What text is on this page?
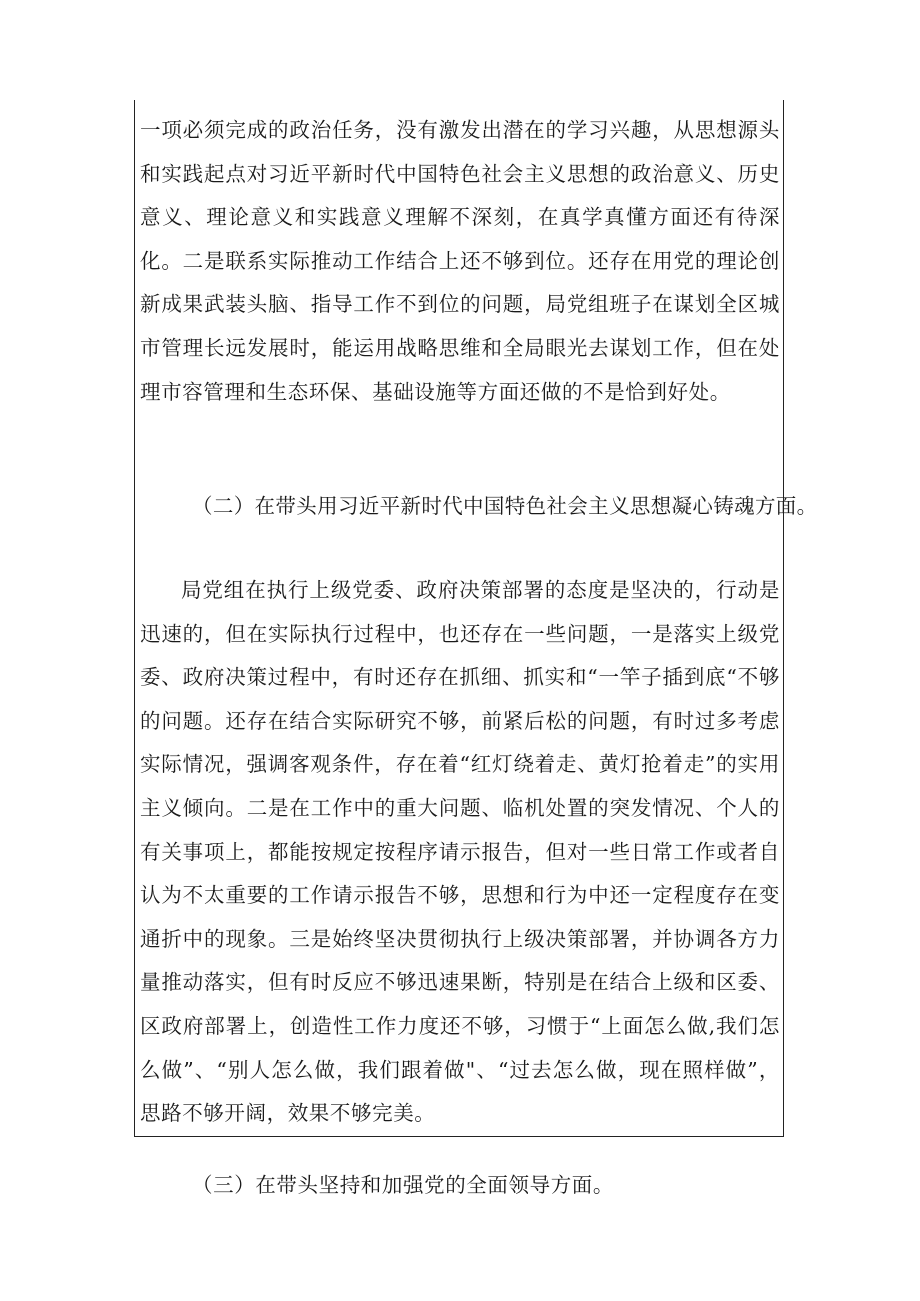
一项必须完成的政治任务，没有激发出潜在的学习兴趣，从思想源头和实践起点对习近平新时代中国特色社会主义思想的政治意义、历史意义、理论意义和实践意义理解不深刻，在真学真懂方面还有待深化。二是联系实际推动工作结合上还不够到位。还存在用党的理论创新成果武装头脑、指导工作不到位的问题，局党组班子在谋划全区城市管理长远发展时，能运用战略思维和全局眼光去谋划工作，但在处理市容管理和生态环保、基础设施等方面还做的不是恰到好处。

（二）在带头用习近平新时代中国特色社会主义思想凝心铸魂方面。

局党组在执行上级党委、政府决策部署的态度是坚决的，行动是迅速的，但在实际执行过程中，也还存在一些问题，一是落实上级党委、政府决策过程中，有时还存在抓细、抓实和“一竿子插到底“不够的问题。还存在结合实际研究不够，前紧后松的问题，有时过多考虑实际情况，强调客观条件，存在着“红灯绕着走、黄灯抢着走”的实用主义倾向。二是在工作中的重大问题、临机处置的突发情况、个人的有关事项上，都能按规定按程序请示报告，但对一些日常工作或者自认为不太重要的工作请示报告不够，思想和行为中还一定程度存在变通折中的现象。三是始终坚决贯彻执行上级决策部署，并协调各方力量推动落实，但有时反应不够迅速果断，特别是在结合上级和区委、区政府部署上，创造性工作力度还不够，习惯于“上面怎么做,我们怎么做”、“别人怎么做，我们跟着做"、“过去怎么做，现在照样做”，思路不够开阔，效果不够完美。

（三）在带头坚持和加强党的全面领导方面。
